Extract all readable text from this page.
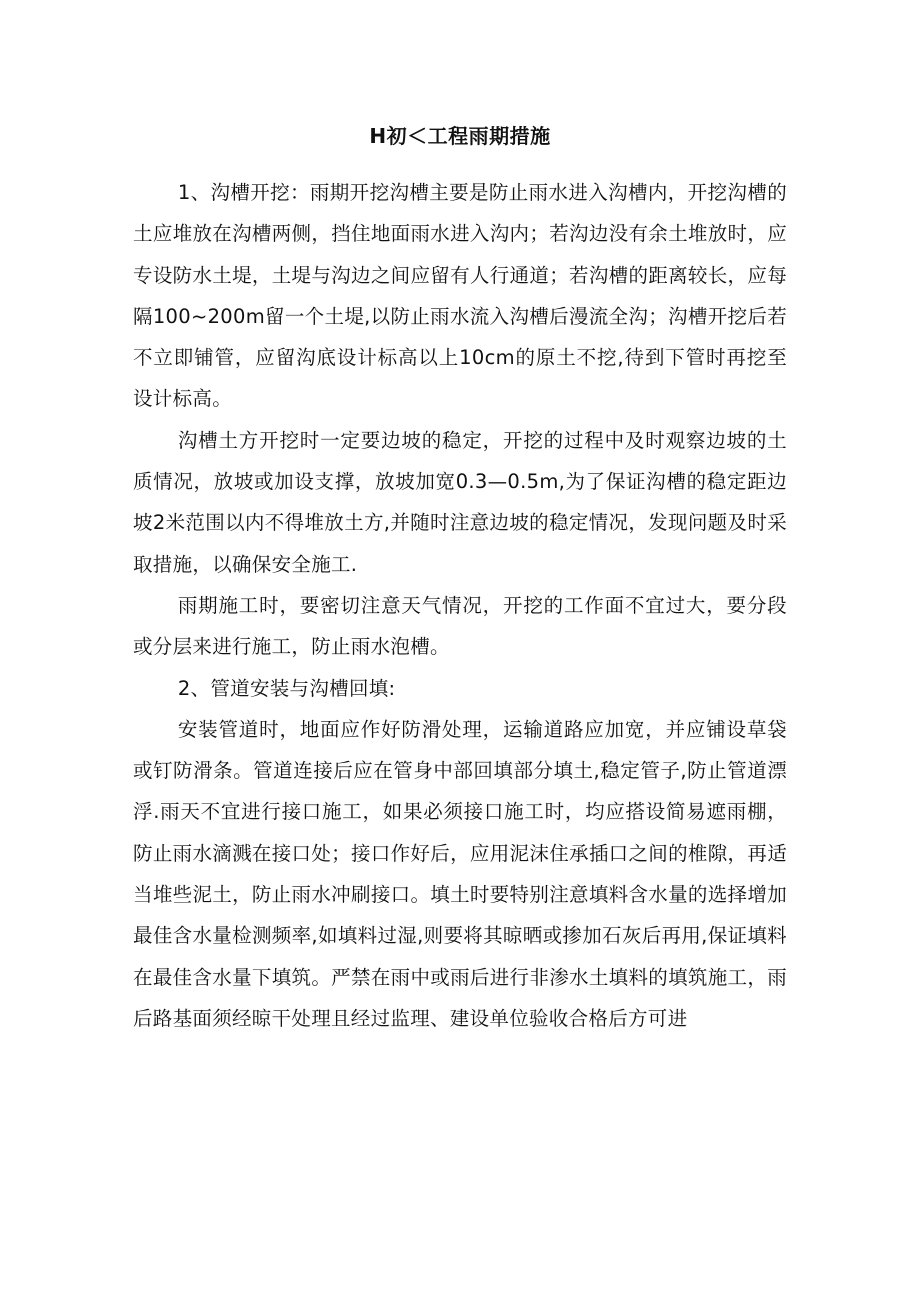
H初＜工程雨期措施

1、沟槽开挖：雨期开挖沟槽主要是防止雨水进入沟槽内，开挖沟槽的土应堆放在沟槽两侧，挡住地面雨水进入沟内；若沟边没有余土堆放时，应专设防水土堤，土堤与沟边之间应留有人行通道；若沟槽的距离较长，应每隔100~200m留一个土堤,以防止雨水流入沟槽后漫流全沟；沟槽开挖后若不立即铺管，应留沟底设计标高以上10cm的原土不挖,待到下管时再挖至设计标高。

沟槽土方开挖时一定要边坡的稳定，开挖的过程中及时观察边坡的土质情况，放坡或加设支撑，放坡加宽0.3—0.5m,为了保证沟槽的稳定距边坡2米范围以内不得堆放土方,并随时注意边坡的稳定情况，发现问题及时采取措施，以确保安全施工.

雨期施工时，要密切注意天气情况，开挖的工作面不宜过大，要分段或分层来进行施工，防止雨水泡槽。

2、管道安装与沟槽回填:

安装管道时，地面应作好防滑处理，运输道路应加宽，并应铺设草袋或钉防滑条。管道连接后应在管身中部回填部分填土,稳定管子,防止管道漂浮.雨天不宜进行接口施工，如果必须接口施工时，均应搭设简易遮雨棚，防止雨水滴溅在接口处；接口作好后，应用泥沫住承插口之间的椎隙，再适当堆些泥土，防止雨水冲刷接口。填土时要特别注意填料含水量的选择增加最佳含水量检测频率,如填料过湿,则要将其晾晒或掺加石灰后再用,保证填料在最佳含水量下填筑。严禁在雨中或雨后进行非渗水土填料的填筑施工，雨后路基面须经晾干处理且经过监理、建设单位验收合格后方可进
